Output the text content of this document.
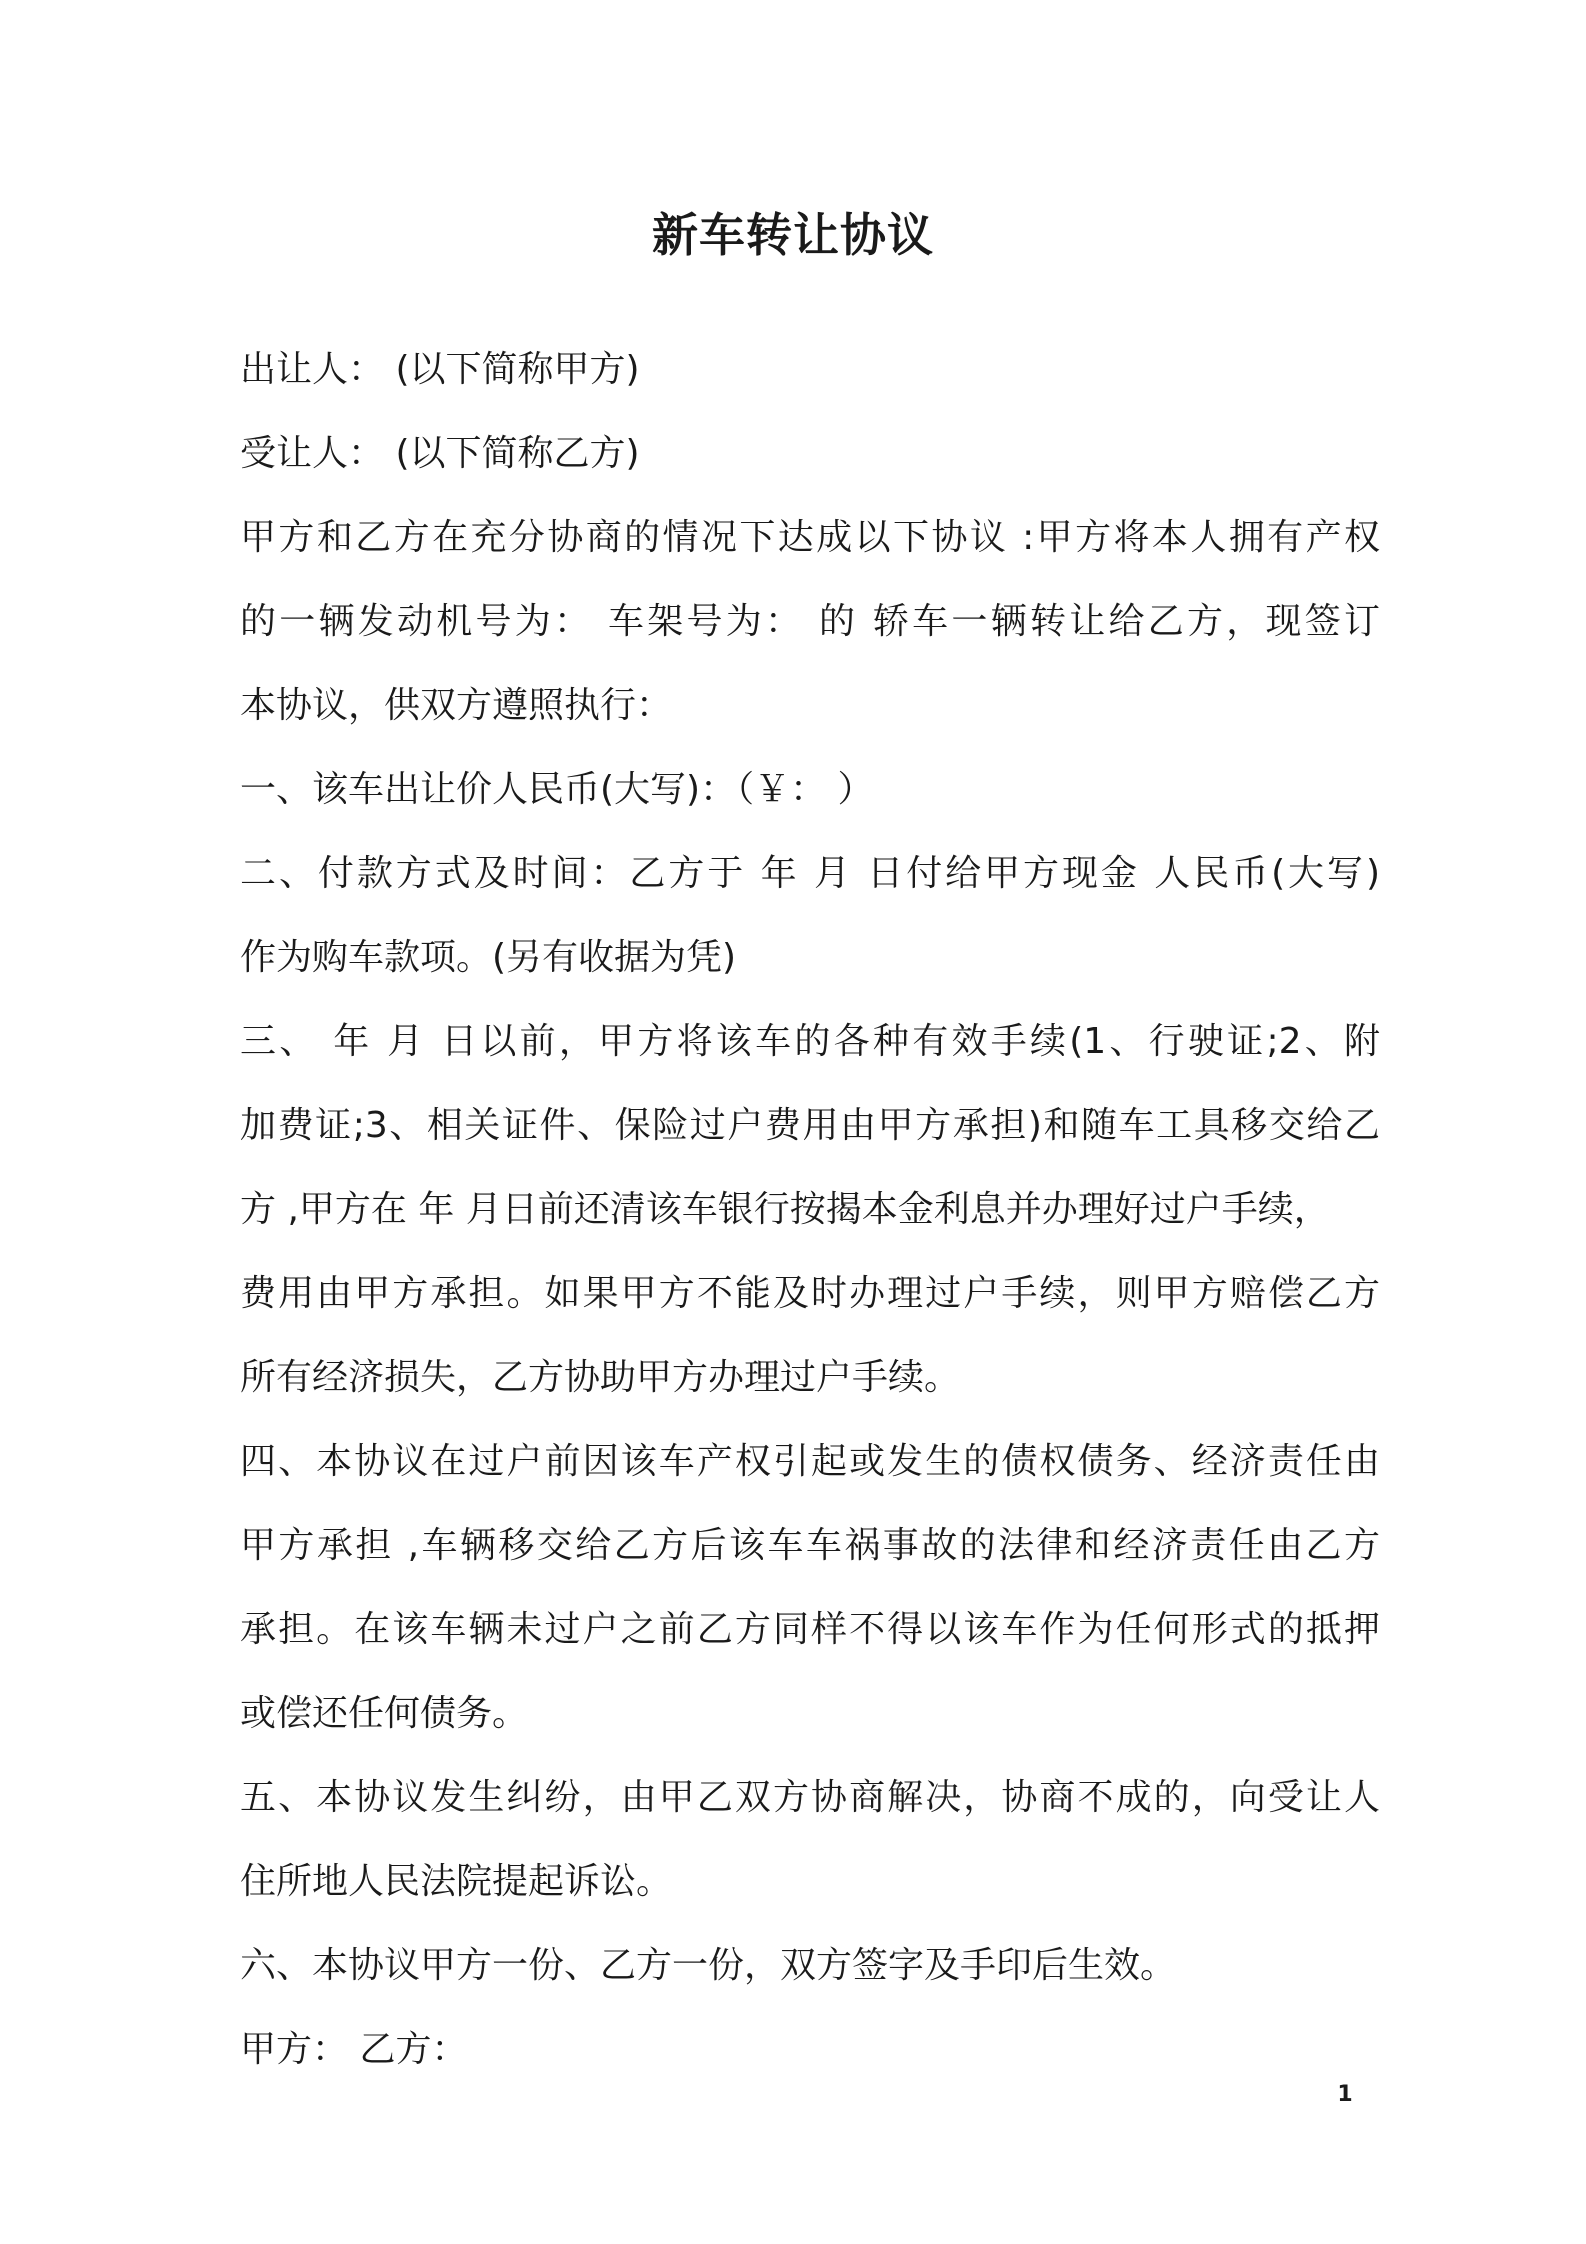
新车转让协议
出让人： (以下简称甲方)
受让人： (以下简称乙方)
甲方和乙方在充分协商的情况下达成以下协议 :甲方将本人拥有产权
的一辆发动机号为： 车架号为： 的 轿车一辆转让给乙方，现签订
本协议，供双方遵照执行：
一、该车出让价人民币(大写)：（￥： ）
二、付款方式及时间：乙方于 年 月 日付给甲方现金 人民币(大写)
作为购车款项。(另有收据为凭)
三、 年 月 日以前，甲方将该车的各种有效手续(1、行驶证;2、附
加费证;3、相关证件、保险过户费用由甲方承担)和随车工具移交给乙
方 ,甲方在 年 月日前还清该车银行按揭本金利息并办理好过户手续，
费用由甲方承担。如果甲方不能及时办理过户手续，则甲方赔偿乙方
所有经济损失，乙方协助甲方办理过户手续。
四、本协议在过户前因该车产权引起或发生的债权债务、经济责任由
甲方承担 ,车辆移交给乙方后该车车祸事故的法律和经济责任由乙方
承担。在该车辆未过户之前乙方同样不得以该车作为任何形式的抵押
或偿还任何债务。
五、本协议发生纠纷，由甲乙双方协商解决，协商不成的，向受让人
住所地人民法院提起诉讼。
六、本协议甲方一份、乙方一份，双方签字及手印后生效。
甲方： 乙方：
1
